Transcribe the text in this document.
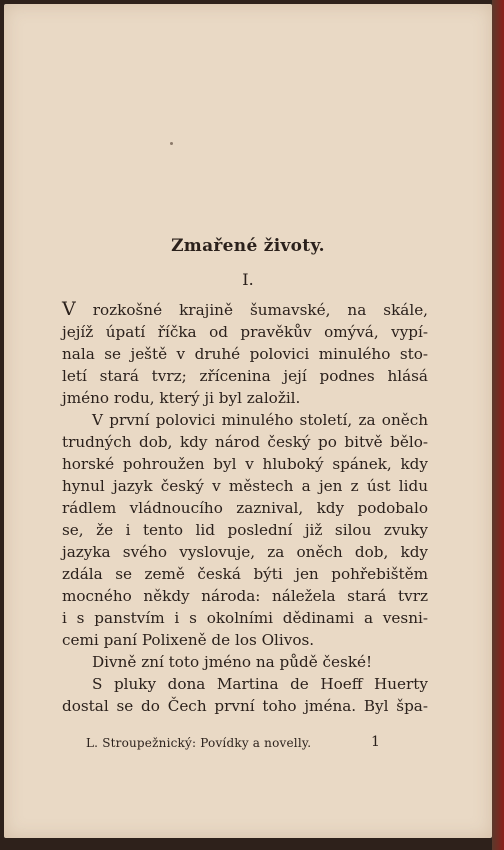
Zmařené životy.
I.
V rozkošné krajině šumavské, na skále,
jejíž úpatí říčka od pravěkův omývá, vypí-
nala se ještě v druhé polovici minulého sto-
letí stará tvrz; zřícenina její podnes hlásá
jméno rodu, který ji byl založil.
V první polovici minulého století, za oněch
trudných dob, kdy národ český po bitvě bělo-
horské pohroužen byl v hluboký spánek, kdy
hynul jazyk český v městech a jen z úst lidu
rádlem vládnoucího zaznival, kdy podobalo
se, že i tento lid poslední již silou zvuky
jazyka svého vyslovuje, za oněch dob, kdy
zdála se země česká býti jen pohřebištěm
mocného někdy národa: náležela stará tvrz
i s panstvím i s okolními dědinami a vesni-
cemi paní Polixeně de los Olivos.
Divně zní toto jméno na půdě české!
S pluky dona Martina de Hoeff Huerty
dostal se do Čech první toho jména. Byl špa-
L. Stroupežnický: Povídky a novelly.	1
